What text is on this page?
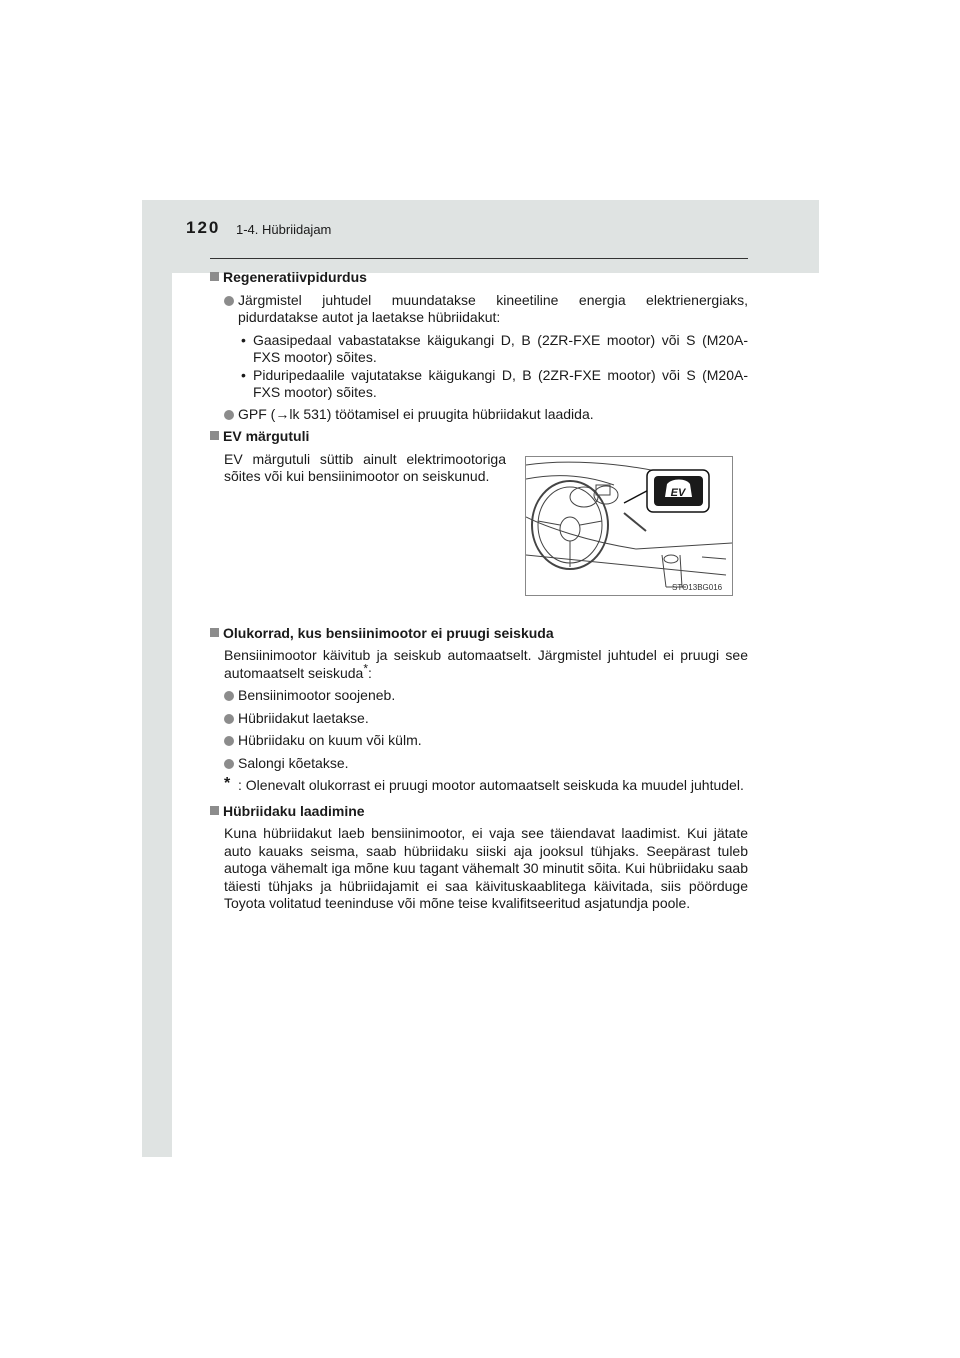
120 1-4. Hübriidajam
Regeneratiivpidurdus
Järgmistel juhtudel muundatakse kineetiline energia elektrienergiaks, pidurdatakse autot ja laetakse hübriidakut:
• Gaasipedaal vabastatakse käigukangi D, B (2ZR-FXE mootor) või S (M20A-FXS mootor) sõites.
• Piduripedaalile vajutatakse käigukangi D, B (2ZR-FXE mootor) või S (M20A-FXS mootor) sõites.
GPF (→lk 531) töötamisel ei pruugita hübriidakut laadida.
EV märgutuli
EV märgutuli süttib ainult elektrimootoriga sõites või kui bensiinimootor on seiskunud.
EV
STO13BG016
Olukorrad, kus bensiinimootor ei pruugi seiskuda
Bensiinimootor käivitub ja seiskub automaatselt. Järgmistel juhtudel ei pruugi see automaatselt seiskuda*:
Bensiinimootor soojeneb.
Hübriidakut laetakse.
Hübriidaku on kuum või külm.
Salongi kõetakse.
* : Olenevalt olukorrast ei pruugi mootor automaatselt seiskuda ka muudel juhtudel.
Hübriidaku laadimine
Kuna hübriidakut laeb bensiinimootor, ei vaja see täiendavat laadimist. Kui jätate auto kauaks seisma, saab hübriidaku siiski aja jooksul tühjaks. Seepärast tuleb autoga vähemalt iga mõne kuu tagant vähemalt 30 minutit sõita. Kui hübriidaku saab täiesti tühjaks ja hübriidajamit ei saa käivituskaablitega käivitada, siis pöörduge Toyota volitatud teeninduse või mõne teise kvalifitseeritud asjatundja poole.
